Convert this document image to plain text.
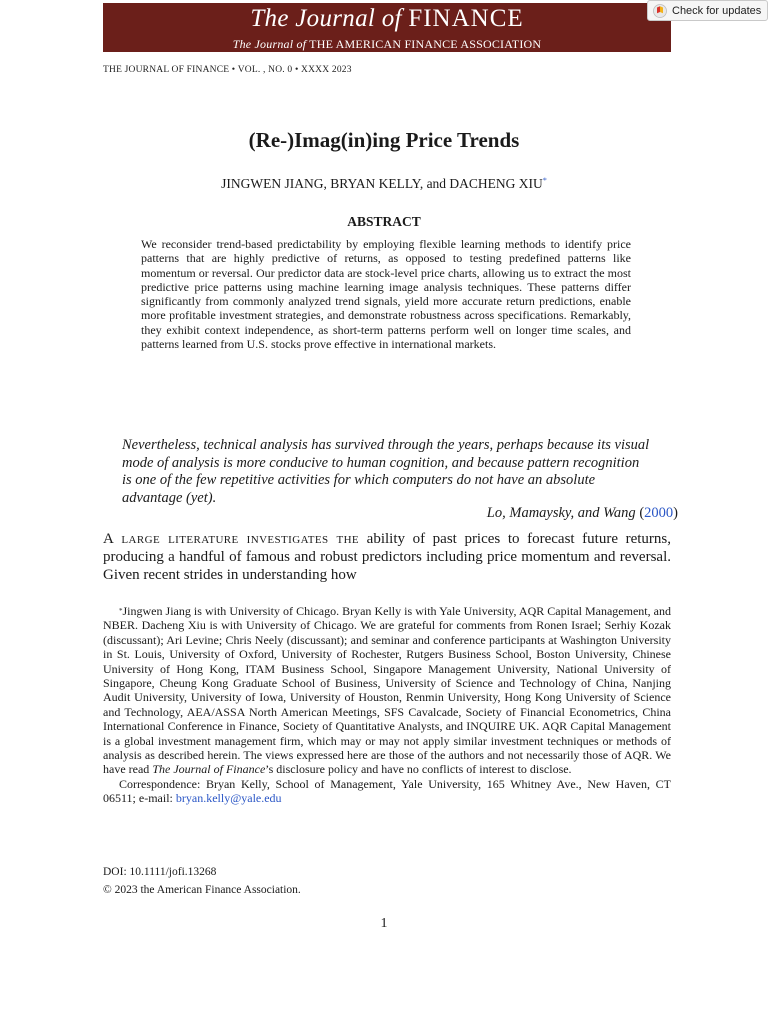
The Journal of FINANCE
The Journal of THE AMERICAN FINANCE ASSOCIATION
Check for updates
THE JOURNAL OF FINANCE • VOL. , NO. 0 • XXXX 2023
(Re-)Imag(in)ing Price Trends
JINGWEN JIANG, BRYAN KELLY, and DACHENG XIU*
ABSTRACT
We reconsider trend-based predictability by employing flexible learning methods to identify price patterns that are highly predictive of returns, as opposed to testing predefined patterns like momentum or reversal. Our predictor data are stock-level price charts, allowing us to extract the most predictive price patterns using machine learning image analysis techniques. These patterns differ significantly from commonly analyzed trend signals, yield more accurate return predictions, enable more profitable investment strategies, and demonstrate robustness across specifications. Remarkably, they exhibit context independence, as short-term patterns perform well on longer time scales, and patterns learned from U.S. stocks prove effective in international markets.
Nevertheless, technical analysis has survived through the years, perhaps because its visual mode of analysis is more conducive to human cognition, and because pattern recognition is one of the few repetitive activities for which computers do not have an absolute advantage (yet).
Lo, Mamaysky, and Wang (2000)
A large literature investigates the ability of past prices to forecast future returns, producing a handful of famous and robust predictors including price momentum and reversal. Given recent strides in understanding how

*Jingwen Jiang is with University of Chicago. Bryan Kelly is with Yale University, AQR Capital Management, and NBER. Dacheng Xiu is with University of Chicago. We are grateful for comments from Ronen Israel; Serhiy Kozak (discussant); Ari Levine; Chris Neely (discussant); and seminar and conference participants at Washington University in St. Louis, University of Oxford, University of Rochester, Rutgers Business School, Boston University, Chinese University of Hong Kong, ITAM Business School, Singapore Management University, National University of Singapore, Cheung Kong Graduate School of Business, University of Science and Technology of China, Nanjing Audit University, University of Iowa, University of Houston, Renmin University, Hong Kong University of Science and Technology, AEA/ASSA North American Meetings, SFS Cavalcade, Society of Financial Econometrics, China International Conference in Finance, Society of Quantitative Analysts, and INQUIRE UK. AQR Capital Management is a global investment management firm, which may or may not apply similar investment techniques or methods of analysis as described herein. The views expressed here are those of the authors and not necessarily those of AQR. We have read The Journal of Finance’s disclosure policy and have no conflicts of interest to disclose.

Correspondence: Bryan Kelly, School of Management, Yale University, 165 Whitney Ave., New Haven, CT 06511; e-mail: bryan.kelly@yale.edu

DOI: 10.1111/jofi.13268
© 2023 the American Finance Association.
1
